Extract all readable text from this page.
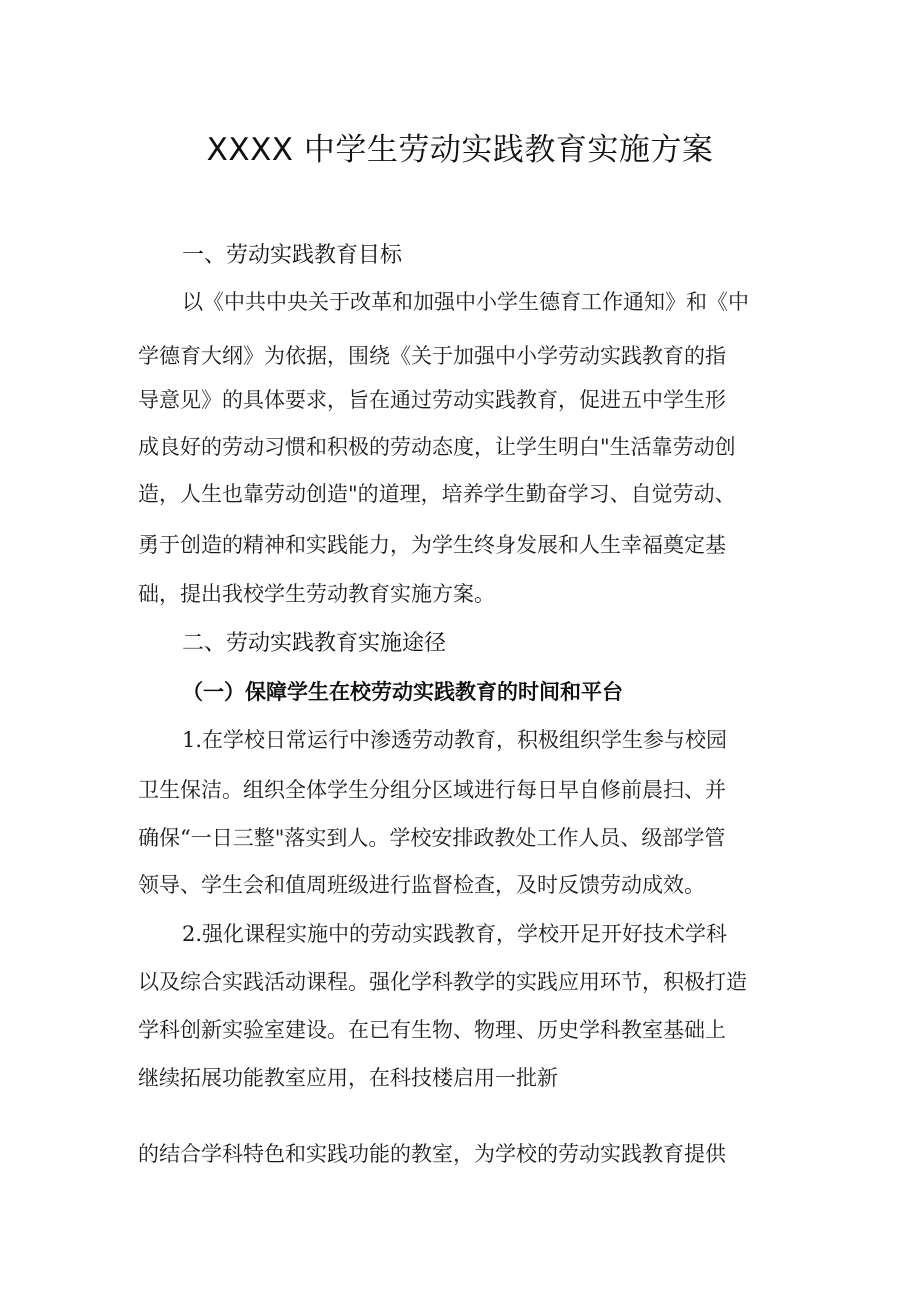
XXXX 中学生劳动实践教育实施方案
一、劳动实践教育目标
以《中共中央关于改革和加强中小学生德育工作通知》和《中
学德育大纲》为依据，围绕《关于加强中小学劳动实践教育的指
导意见》的具体要求，旨在通过劳动实践教育，促进五中学生形
成良好的劳动习惯和积极的劳动态度，让学生明白"生活靠劳动创
造，人生也靠劳动创造"的道理，培养学生勤奋学习、自觉劳动、
勇于创造的精神和实践能力，为学生终身发展和人生幸福奠定基
础，提出我校学生劳动教育实施方案。
二、劳动实践教育实施途径
（一）保障学生在校劳动实践教育的时间和平台
1.在学校日常运行中渗透劳动教育，积极组织学生参与校园
卫生保洁。组织全体学生分组分区域进行每日早自修前晨扫、并
确保“一日三整"落实到人。学校安排政教处工作人员、级部学管
领导、学生会和值周班级进行监督检查，及时反馈劳动成效。
2.强化课程实施中的劳动实践教育，学校开足开好技术学科
以及综合实践活动课程。强化学科教学的实践应用环节，积极打造
学科创新实验室建设。在已有生物、物理、历史学科教室基础上
继续拓展功能教室应用，在科技楼启用一批新
的结合学科特色和实践功能的教室，为学校的劳动实践教育提供
